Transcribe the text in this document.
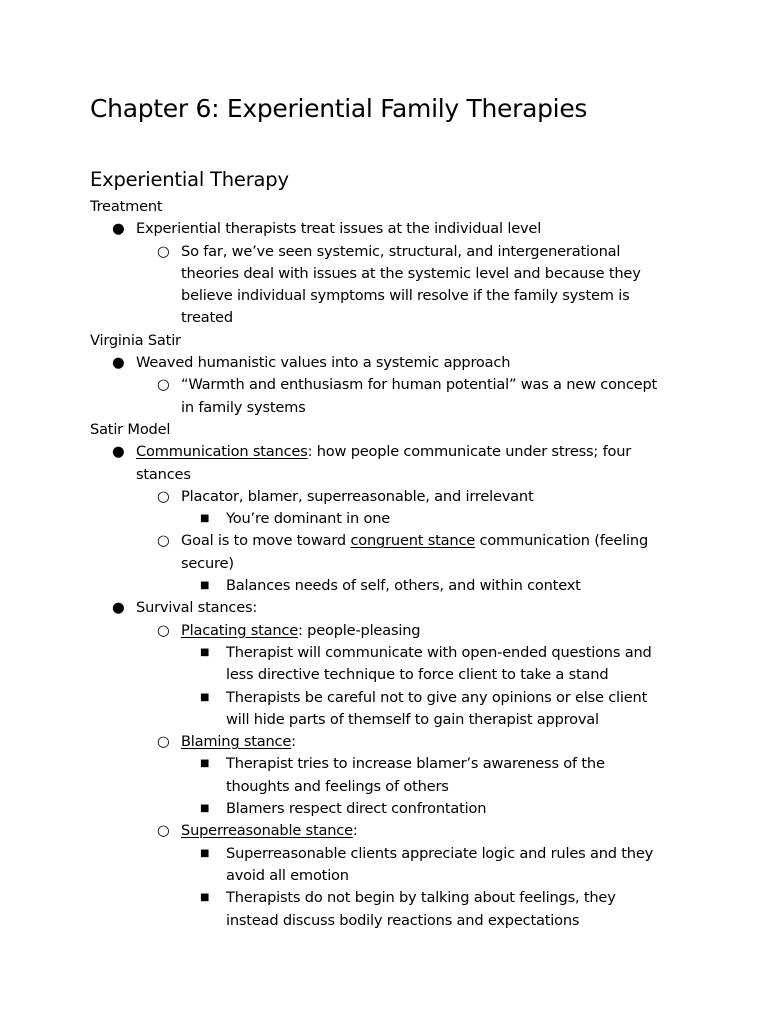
Chapter 6: Experiential Family Therapies
Experiential Therapy
Treatment
● Experiential therapists treat issues at the individual level
○ So far, we’ve seen systemic, structural, and intergenerational
theories deal with issues at the systemic level and because they
believe individual symptoms will resolve if the family system is
treated
Virginia Satir
● Weaved humanistic values into a systemic approach
○ “Warmth and enthusiasm for human potential” was a new concept
in family systems
Satir Model
● Communication stances: how people communicate under stress; four
stances
○ Placator, blamer, superreasonable, and irrelevant
■ You’re dominant in one
○ Goal is to move toward congruent stance communication (feeling
secure)
■ Balances needs of self, others, and within context
● Survival stances:
○ Placating stance: people-pleasing
■ Therapist will communicate with open-ended questions and
less directive technique to force client to take a stand
■ Therapists be careful not to give any opinions or else client
will hide parts of themself to gain therapist approval
○ Blaming stance:
■ Therapist tries to increase blamer’s awareness of the
thoughts and feelings of others
■ Blamers respect direct confrontation
○ Superreasonable stance:
■ Superreasonable clients appreciate logic and rules and they
avoid all emotion
■ Therapists do not begin by talking about feelings, they
instead discuss bodily reactions and expectations
